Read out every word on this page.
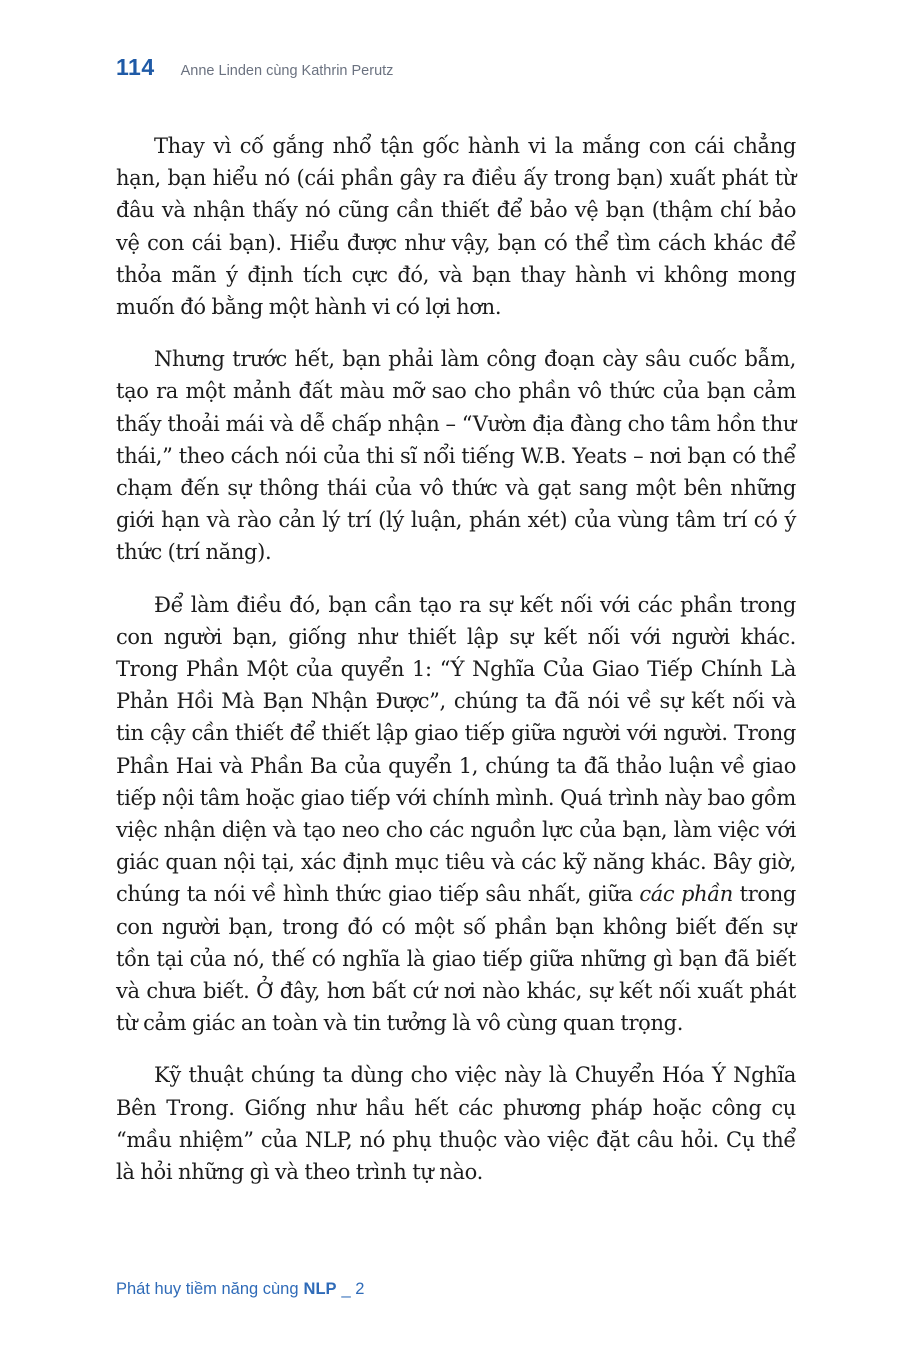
114 Anne Linden cùng Kathrin Perutz

Thay vì cố gắng nhổ tận gốc hành vi la mắng con cái chẳng hạn, bạn hiểu nó (cái phần gây ra điều ấy trong bạn) xuất phát từ đâu và nhận thấy nó cũng cần thiết để bảo vệ bạn (thậm chí bảo vệ con cái bạn). Hiểu được như vậy, bạn có thể tìm cách khác để thỏa mãn ý định tích cực đó, và bạn thay hành vi không mong muốn đó bằng một hành vi có lợi hơn.

Nhưng trước hết, bạn phải làm công đoạn cày sâu cuốc bẫm, tạo ra một mảnh đất màu mỡ sao cho phần vô thức của bạn cảm thấy thoải mái và dễ chấp nhận – “Vườn địa đàng cho tâm hồn thư thái,” theo cách nói của thi sĩ nổi tiếng W.B. Yeats – nơi bạn có thể chạm đến sự thông thái của vô thức và gạt sang một bên những giới hạn và rào cản lý trí (lý luận, phán xét) của vùng tâm trí có ý thức (trí năng).

Để làm điều đó, bạn cần tạo ra sự kết nối với các phần trong con người bạn, giống như thiết lập sự kết nối với người khác. Trong Phần Một của quyển 1: “Ý Nghĩa Của Giao Tiếp Chính Là Phản Hồi Mà Bạn Nhận Được”, chúng ta đã nói về sự kết nối và tin cậy cần thiết để thiết lập giao tiếp giữa người với người. Trong Phần Hai và Phần Ba của quyển 1, chúng ta đã thảo luận về giao tiếp nội tâm hoặc giao tiếp với chính mình. Quá trình này bao gồm việc nhận diện và tạo neo cho các nguồn lực của bạn, làm việc với giác quan nội tại, xác định mục tiêu và các kỹ năng khác. Bây giờ, chúng ta nói về hình thức giao tiếp sâu nhất, giữa các phần trong con người bạn, trong đó có một số phần bạn không biết đến sự tồn tại của nó, thế có nghĩa là giao tiếp giữa những gì bạn đã biết và chưa biết. Ở đây, hơn bất cứ nơi nào khác, sự kết nối xuất phát từ cảm giác an toàn và tin tưởng là vô cùng quan trọng.

Kỹ thuật chúng ta dùng cho việc này là Chuyển Hóa Ý Nghĩa Bên Trong. Giống như hầu hết các phương pháp hoặc công cụ “mầu nhiệm” của NLP, nó phụ thuộc vào việc đặt câu hỏi. Cụ thể là hỏi những gì và theo trình tự nào.

Phát huy tiềm năng cùng NLP _ 2
